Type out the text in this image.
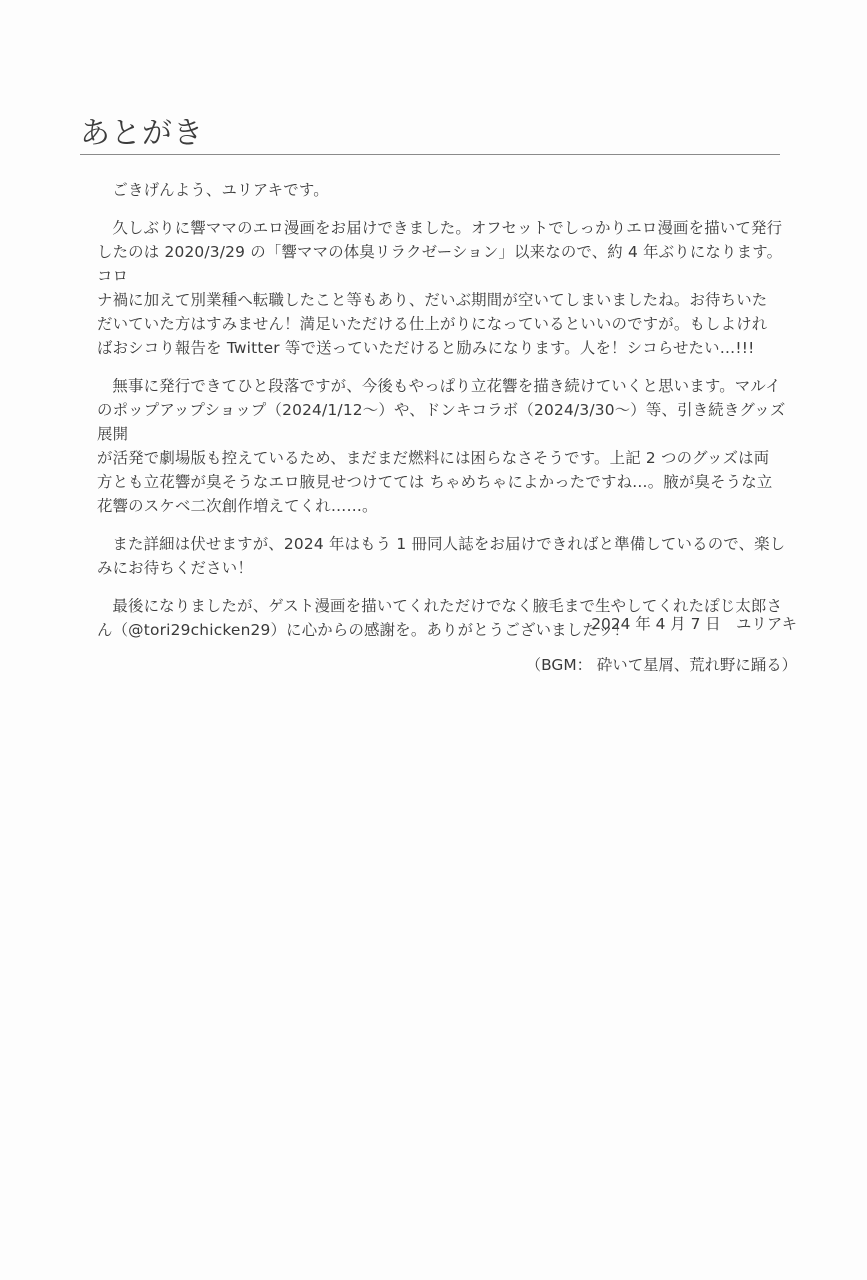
あとがき

ごきげんよう、ユリアキです。

久しぶりに響ママのエロ漫画をお届けできました。オフセットでしっかりエロ漫画を描いて発行
したのは 2020/3/29 の「響ママの体臭リラクゼーション」以来なので、約 4 年ぶりになります。コロ
ナ禍に加えて別業種へ転職したこと等もあり、だいぶ期間が空いてしまいましたね。お待ちいた
だいていた方はすみません！満足いただける仕上がりになっているといいのですが。もしよけれ
ばおシコり報告を Twitter 等で送っていただけると励みになります。人を！シコらせたい…!!!

無事に発行できてひと段落ですが、今後もやっぱり立花響を描き続けていくと思います。マルイ
のポップアップショップ（2024/1/12～）や、ドンキコラボ（2024/3/30～）等、引き続きグッズ展開
が活発で劇場版も控えているため、まだまだ燃料には困らなさそうです。上記 2 つのグッズは両
方とも立花響が臭そうなエロ腋見せつけてては ちゃめちゃによかったですね…。腋が臭そうな立
花響のスケベ二次創作増えてくれ……。

また詳細は伏せますが、2024 年はもう 1 冊同人誌をお届けできればと準備しているので、楽し
みにお待ちください！

最後になりましたが、ゲスト漫画を描いてくれただけでなく腋毛まで生やしてくれたぽじ太郎さ
ん（@tori29chicken29）に心からの感謝を。ありがとうございましたッ！

2024 年 4 月 7 日　ユリアキ
（BGM： 砕いて星屑、荒れ野に踊る）
